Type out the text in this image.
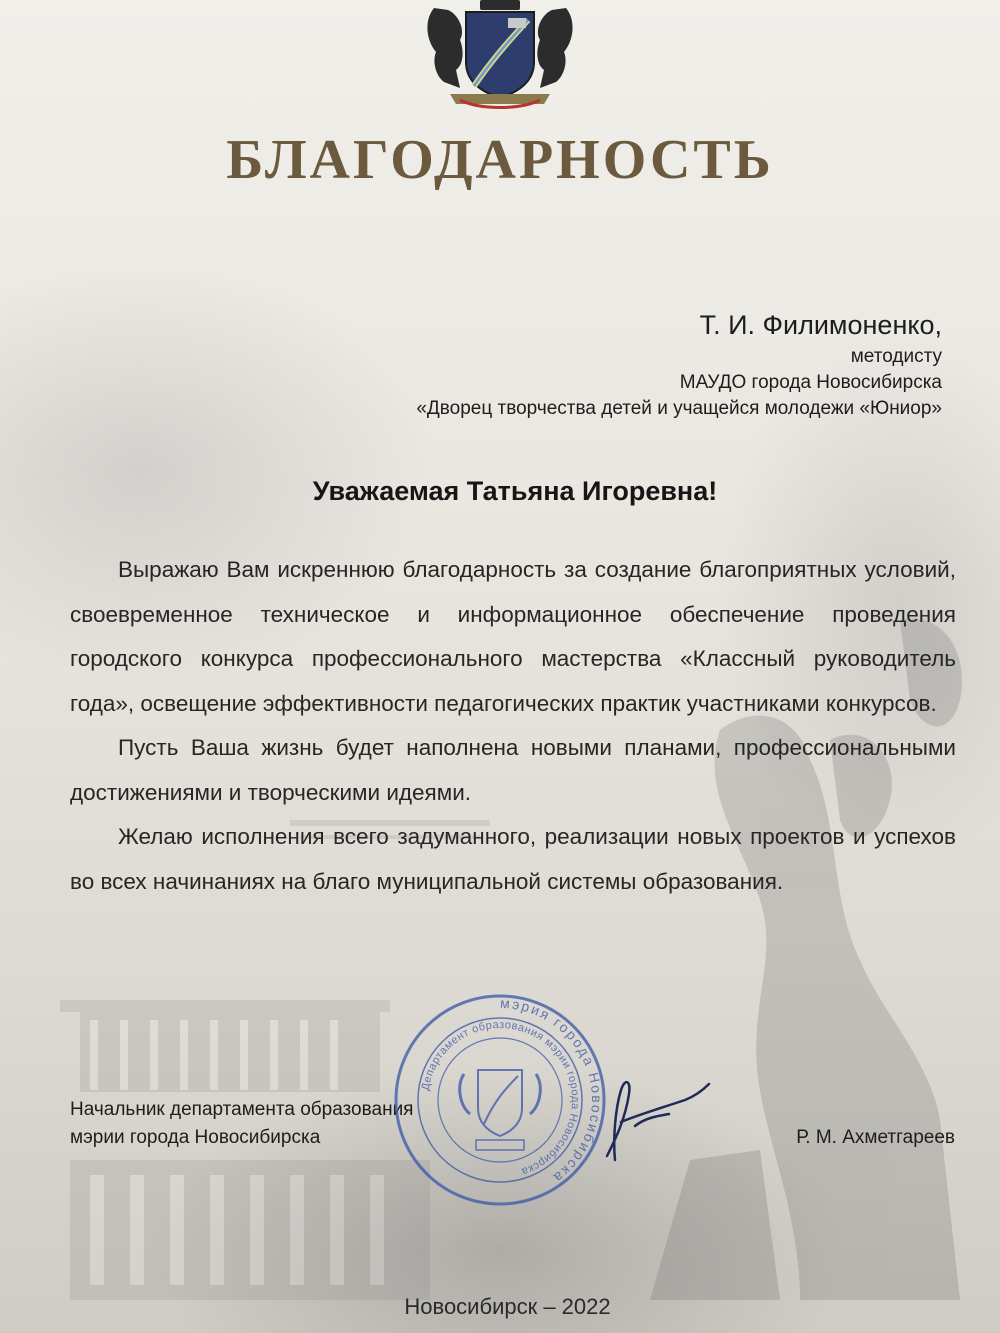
БЛАГОДАРНОСТЬ
Т. И. Филимоненко,
методисту
МАУДО города Новосибирска
«Дворец творчества детей и учащейся молодежи «Юниор»
Уважаемая Татьяна Игоревна!

Выражаю Вам искреннюю благодарность за создание благоприятных условий, своевременное техническое и информационное обеспечение проведения городского конкурса профессионального мастерства «Классный руководитель года», освещение эффективности педагогических практик участниками конкурсов.

Пусть Ваша жизнь будет наполнена новыми планами, профессиональными достижениями и творческими идеями.

Желаю исполнения всего задуманного, реализации новых проектов и успехов во всех начинаниях на благо муниципальной системы образования.

Начальник департамента образования
мэрии города Новосибирска
мэрия города Новосибирска
Департамент образования мэрии города Новосибирска
Р. М. Ахметгареев
Новосибирск – 2022
